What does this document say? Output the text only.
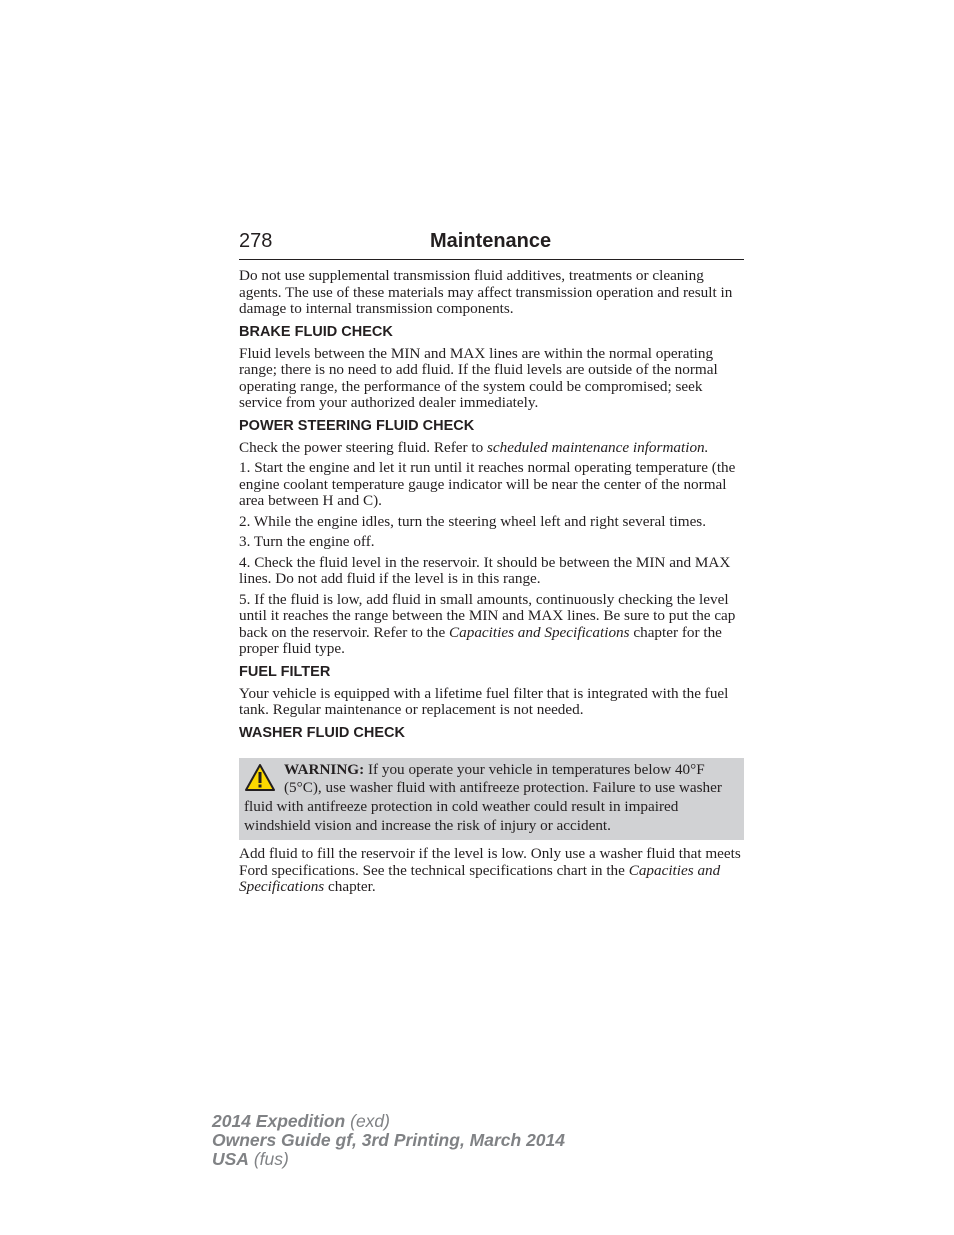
278	Maintenance

Do not use supplemental transmission fluid additives, treatments or cleaning agents. The use of these materials may affect transmission operation and result in damage to internal transmission components.

BRAKE FLUID CHECK

Fluid levels between the MIN and MAX lines are within the normal operating range; there is no need to add fluid. If the fluid levels are outside of the normal operating range, the performance of the system could be compromised; seek service from your authorized dealer immediately.

POWER STEERING FLUID CHECK

Check the power steering fluid. Refer to scheduled maintenance information.

1. Start the engine and let it run until it reaches normal operating temperature (the engine coolant temperature gauge indicator will be near the center of the normal area between H and C).

2. While the engine idles, turn the steering wheel left and right several times.

3. Turn the engine off.

4. Check the fluid level in the reservoir. It should be between the MIN and MAX lines. Do not add fluid if the level is in this range.

5. If the fluid is low, add fluid in small amounts, continuously checking the level until it reaches the range between the MIN and MAX lines. Be sure to put the cap back on the reservoir. Refer to the Capacities and Specifications chapter for the proper fluid type.

FUEL FILTER

Your vehicle is equipped with a lifetime fuel filter that is integrated with the fuel tank. Regular maintenance or replacement is not needed.

WASHER FLUID CHECK

WARNING: If you operate your vehicle in temperatures below 40°F (5°C), use washer fluid with antifreeze protection. Failure to use washer fluid with antifreeze protection in cold weather could result in impaired windshield vision and increase the risk of injury or accident.

Add fluid to fill the reservoir if the level is low. Only use a washer fluid that meets Ford specifications. See the technical specifications chart in the Capacities and Specifications chapter.

2014 Expedition (exd)
Owners Guide gf, 3rd Printing, March 2014
USA (fus)
